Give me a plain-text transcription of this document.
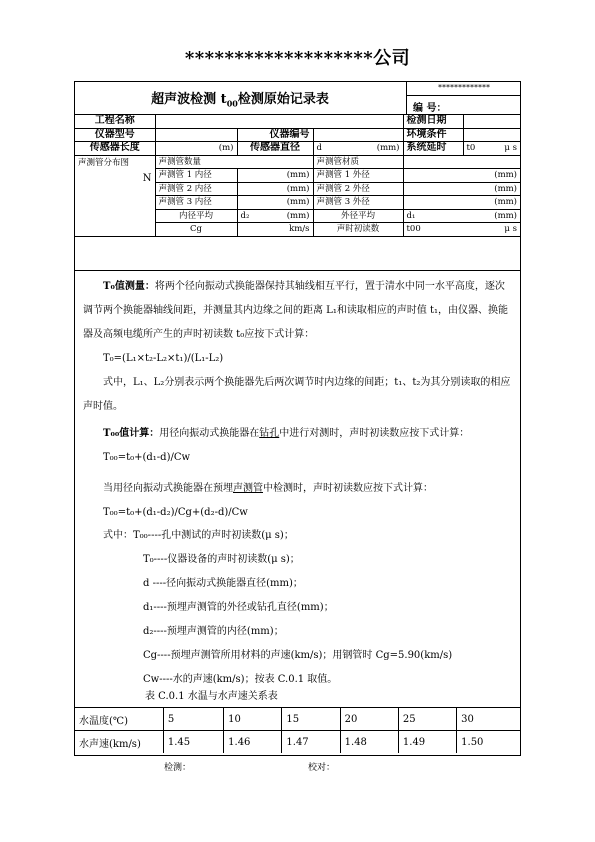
*******************公司
超声波检测 $t_{00}$检测原始记录表
*************
编 号：
工程名称				检测日期	
仪器型号		仪器编号		环境条件	
传感器长度	(m)	传感器直径	d (mm)	系统延时	t0 μ s

声测管分布图
N	声测管数量		声测管材质		
	声测管 1 内径	(mm)	声测管 1 外径	(mm)	
	声测管 2 内径	(mm)	声测管 2 外径	(mm)	
	声测管 3 内径	(mm)	声测管 3 外径	(mm)	
	内径平均	d₂ (mm)	外径平均	d₁ (mm)	

	Cg	km/s	声时初读数	t00 μ s	
T₀值测量：将两个径向振动式换能器保持其轴线相互平行，置于清水中同一水平高度，逐次调节两个换能器轴线间距，并测量其内边缘之间的距离 L₁和读取相应的声时值 t₁，由仪器、换能器及高频电缆所产生的声时初读数 t₀应按下式计算：
T₀=(L₁×t₂-L₂×t₁)/(L₁-L₂)
式中，L₁、L₂分别表示两个换能器先后两次调节时内边缘的间距；t₁、t₂为其分别读取的相应声时值。
T₀₀值计算：用径向振动式换能器在钻孔中进行对测时，声时初读数应按下式计算：
T₀₀=t₀+(d₁-d)/Cw
当用径向振动式换能器在预埋声测管中检测时，声时初读数应按下式计算：
T₀₀=t₀+(d₁-d₂)/Cg+(d₂-d)/Cw
式中：T₀₀----孔中测试的声时初读数(μ s)；
T₀----仪器设备的声时初读数(μ s)；
d ----径向振动式换能器直径(mm)；
d₁----预埋声测管的外径或钻孔直径(mm)；
d₂----预埋声测管的内径(mm)；
Cg----预埋声测管所用材料的声速(km/s)；用钢管时 Cg=5.90(km/s)
Cw----水的声速(km/s)；按表 C.0.1 取值。
表 C.0.1 水温与水声速关系表
水温度(℃)	5	10	15	20	25	30
水声速(km/s)	1.45	1.46	1.47	1.48	1.49	1.50
检测：	校对：
